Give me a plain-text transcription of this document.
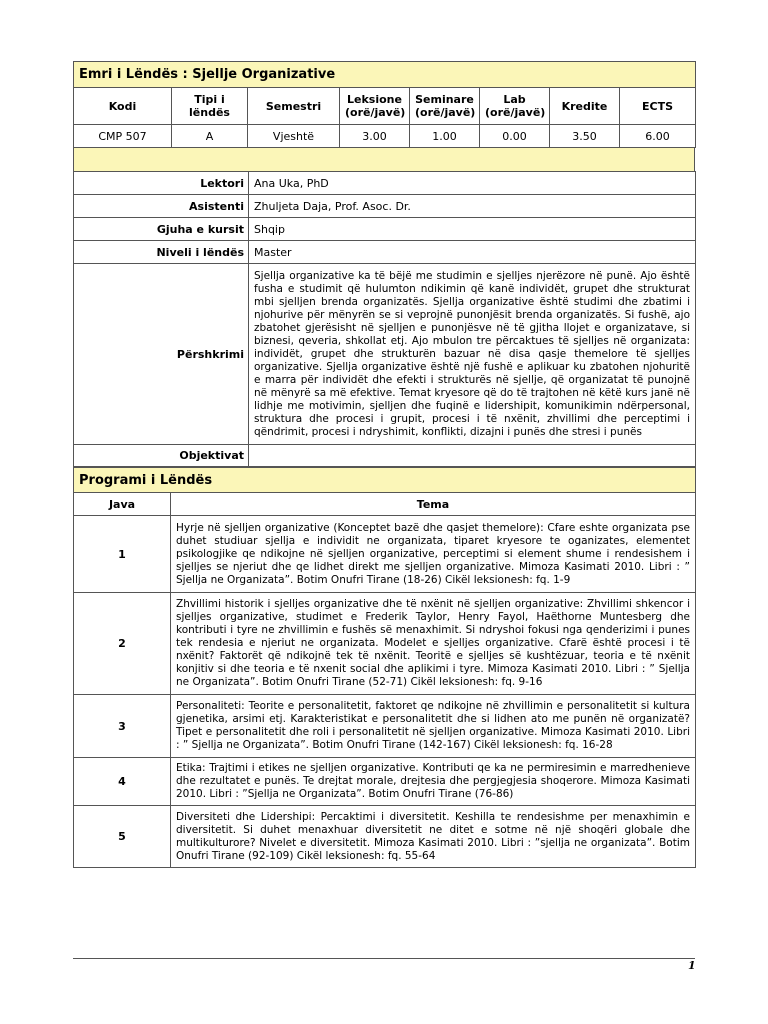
Emri i Lëndës : Sjellje Organizative							
Kodi	Tipi i lëndës	Semestri	Leksione (orë/javë)	Seminare (orë/javë)	Lab (orë/javë)	Kredite	ECTS
CMP 507	A	Vjeshtë	3.00	1.00	0.00	3.50	6.00
Lektori	Ana Uka, PhD
Asistenti	Zhuljeta Daja, Prof. Asoc. Dr.
Gjuha e kursit	Shqip
Niveli i lëndës	Master
Përshkrimi	Sjellja organizative ka të bëjë me studimin e sjelljes njerëzore në punë. Ajo është fusha e studimit që hulumton ndikimin që kanë individët, grupet dhe strukturat mbi sjelljen brenda organizatës. Sjellja organizative është studimi dhe zbatimi i njohurive për mënyrën se si veprojnë punonjësit brenda organizatës. Si fushë, ajo zbatohet gjerësisht në sjelljen e punonjësve në të gjitha llojet e organizatave, si biznesi, qeveria, shkollat etj. Ajo mbulon tre përcaktues të sjelljes në organizata: individët, grupet dhe strukturën bazuar në disa qasje themelore të sjelljes organizative. Sjellja organizative është një fushë e aplikuar ku zbatohen njohuritë e marra për individët dhe efekti i strukturës në sjellje, që organizatat të punojnë në mënyrë sa më efektive. Temat kryesore që do të trajtohen në këtë kurs janë në lidhje me motivimin, sjelljen dhe fuqinë e lidershipit, komunikimin ndërpersonal, struktura dhe procesi i grupit, procesi i të nxënit, zhvillimi dhe perceptimi i qëndrimit, procesi i ndryshimit, konflikti, dizajni i punës dhe stresi i punës
Objektivat	
Programi i Lëndës	
Java	Tema
1	Hyrje në sjelljen organizative (Konceptet bazë dhe qasjet themelore): Cfare eshte organizata pse duhet studiuar sjellja e individit ne organizata, tiparet kryesore te oganizates, elementet psikologjike qe ndikojne në sjelljen organizative, perceptimi si element shume i rendesishem i sjelljes se njeriut dhe qe lidhet direkt me sjelljen organizative. Mimoza Kasimati 2010. Libri : ” Sjellja ne Organizata”. Botim Onufri Tirane (18-26) Cikël leksionesh: fq. 1-9
2	Zhvillimi historik i sjelljes organizative dhe të nxënit në sjelljen organizative: Zhvillimi shkencor i sjelljes organizative, studimet e Frederik Taylor, Henry Fayol, Haëthorne Muntesberg dhe kontributi i tyre ne zhvillimin e fushës së menaxhimit. Si ndryshoi fokusi nga qenderizimi i punes tek rendesia e njeriut ne organizata. Modelet e sjelljes organizative. Cfarë është procesi i të nxënit? Faktorët që ndikojnë tek të nxënit. Teoritë e sjelljes së kushtëzuar, teoria e të nxënit konjitiv si dhe teoria e të nxenit social dhe aplikimi i tyre. Mimoza Kasimati 2010. Libri : ” Sjellja ne Organizata”. Botim Onufri Tirane (52-71) Cikël leksionesh: fq. 9-16
3	Personaliteti: Teorite e personalitetit, faktoret qe ndikojne në zhvillimin e personalitetit si kultura gjenetika, arsimi etj. Karakteristikat e personalitetit dhe si lidhen ato me punën në organizatë? Tipet e personalitetit dhe roli i personalitetit në sjelljen organizative. Mimoza Kasimati 2010. Libri : ” Sjellja ne Organizata”. Botim Onufri Tirane (142-167) Cikël leksionesh: fq. 16-28
4	Etika: Trajtimi i etikes ne sjelljen organizative. Kontributi qe ka ne permiresimin e marredhenieve dhe rezultatet e punës. Te drejtat morale, drejtesia dhe pergjegjesia shoqerore. Mimoza Kasimati 2010. Libri : ”Sjellja ne Organizata”. Botim Onufri Tirane (76-86)
5	Diversiteti dhe Lidershipi: Percaktimi i diversitetit. Keshilla te rendesishme per menaxhimin e diversitetit. Si duhet menaxhuar diversitetit ne ditet e sotme në një shoqëri globale dhe multikulturore? Nivelet e diversitetit. Mimoza Kasimati 2010. Libri : ”sjellja ne organizata”. Botim Onufri Tirane (92-109) Cikël leksionesh: fq. 55-64
1
